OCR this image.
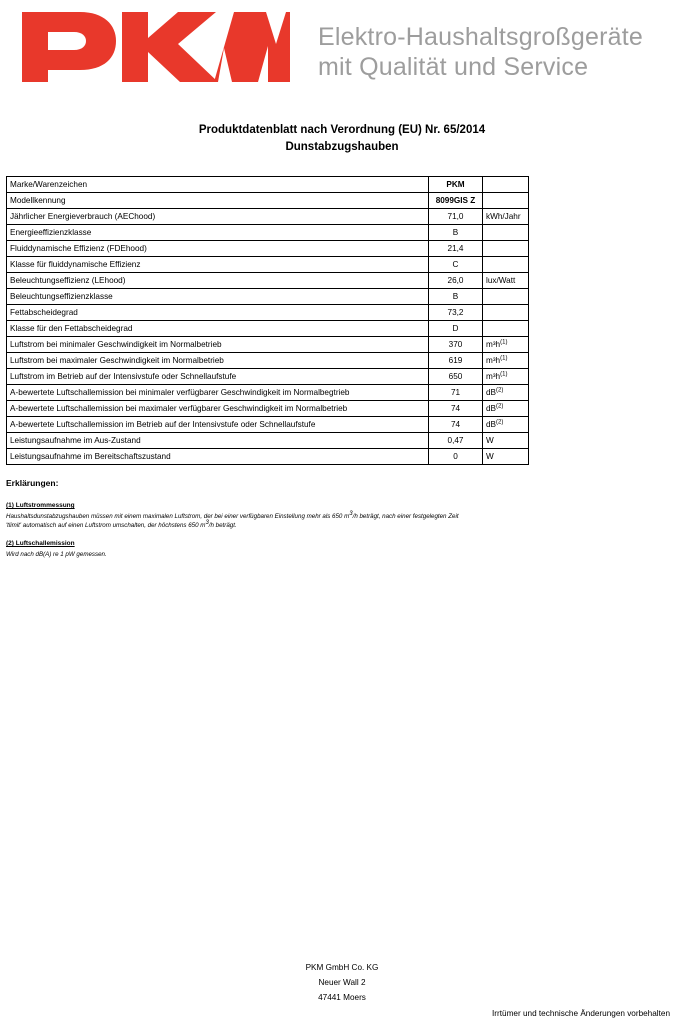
Elektro-Haushaltsgroßgeräte
mit Qualität und Service
Produktdatenblatt nach Verordnung (EU) Nr. 65/2014
Dunstabzugshauben
Marke/Warenzeichen	PKM	
Modellkennung	8099GIS Z	
Jährlicher Energieverbrauch (AEChood)	71,0	kWh/Jahr
Energieeffizienzklasse	B	
Fluiddynamische Effizienz (FDEhood)	21,4	
Klasse für fluiddynamische Effizienz	C	
Beleuchtungseffizienz (LEhood)	26,0	lux/Watt
Beleuchtungseffizienzklasse	B	
Fettabscheidegrad	73,2	
Klasse für den Fettabscheidegrad	D	
Luftstrom bei minimaler Geschwindigkeit im Normalbetrieb	370	$m^3h^{(1)}$
Luftstrom bei maximaler Geschwindigkeit im Normalbetrieb	619	$m^3h^{(1)}$
Luftstrom im Betrieb auf der Intensivstufe oder Schnellaufstufe	650	$m^3h^{(1)}$
A-bewertete Luftschallemission bei minimaler verfügbarer Geschwindigkeit im Normalbegtrieb	71	$dB^{(2)}$
A-bewertete Luftschallemission bei maximaler verfügbarer Geschwindigkeit im Normalbetrieb	74	$dB^{(2)}$
A-bewertete Luftschallemission im Betrieb auf der Intensivstufe oder Schnellaufstufe	74	$dB^{(2)}$
Leistungsaufnahme im Aus-Zustand	0,47	W
Leistungsaufnahme im Bereitschaftszustand	0	W
Erklärungen:
(1) Luftstrommessung
Haushaltsdunstabzugshauben müssen mit einem maximalen Luftstrom, der bei einer verfügbaren Einstellung mehr als 650 $m^3/h$ beträgt, nach einer festgelegten Zeit
'tlimit' automatisch auf einen Luftstrom umschalten, der höchstens 650 $m^3/h$ beträgt.
(2) Luftschallemission
Wird nach dB(A) re 1 pW gemessen.
PKM GmbH Co. KG
Neuer Wall 2
47441 Moers
Irrtümer und technische Änderungen vorbehalten
